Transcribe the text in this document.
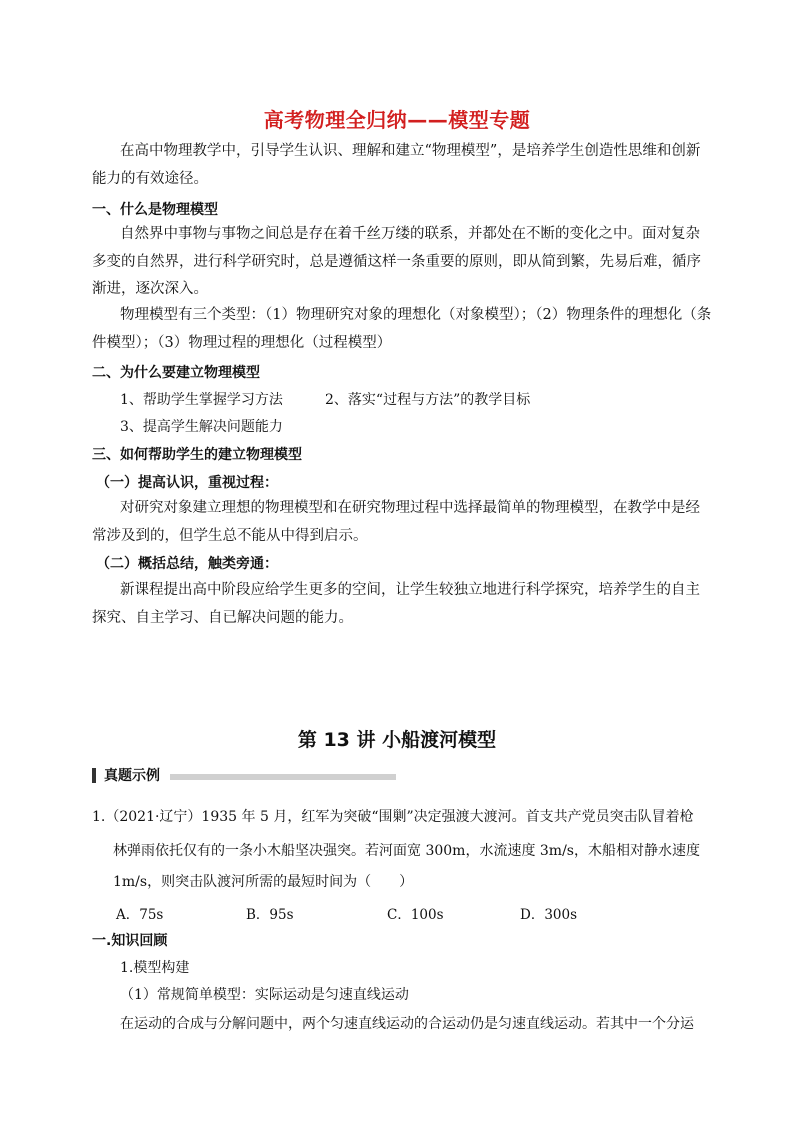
高考物理全归纳——模型专题
在高中物理教学中，引导学生认识、理解和建立“物理模型”，是培养学生创造性思维和创新能力的有效途径。
一、什么是物理模型
自然界中事物与事物之间总是存在着千丝万缕的联系，并都处在不断的变化之中。面对复杂多变的自然界，进行科学研究时，总是遵循这样一条重要的原则，即从简到繁，先易后难，循序渐进，逐次深入。
物理模型有三个类型：（1）物理研究对象的理想化（对象模型）；（2）物理条件的理想化（条件模型）；（3）物理过程的理想化（过程模型）
二、为什么要建立物理模型
1、帮助学生掌握学习方法	2、落实“过程与方法”的教学目标
3、提高学生解决问题能力
三、如何帮助学生的建立物理模型
（一）提高认识，重视过程：
对研究对象建立理想的物理模型和在研究物理过程中选择最简单的物理模型，在教学中是经常涉及到的，但学生总不能从中得到启示。
（二）概括总结，触类旁通：
新课程提出高中阶段应给学生更多的空间，让学生较独立地进行科学探究，培养学生的自主探究、自主学习、自已解决问题的能力。
第 13 讲 小船渡河模型
真题示例
1.（2021·辽宁）1935 年 5 月，红军为突破“围剿”决定强渡大渡河。首支共产党员突击队冒着枪
林弹雨依托仅有的一条小木船坚决强突。若河面宽 300m，水流速度 3m/s，木船相对静水速度
1m/s，则突击队渡河所需的最短时间为（　　）
A．75s	B．95s	C．100s	D．300s
一.知识回顾
1.模型构建
（1）常规简单模型：实际运动是匀速直线运动
在运动的合成与分解问题中，两个匀速直线运动的合运动仍是匀速直线运动。若其中一个分运
